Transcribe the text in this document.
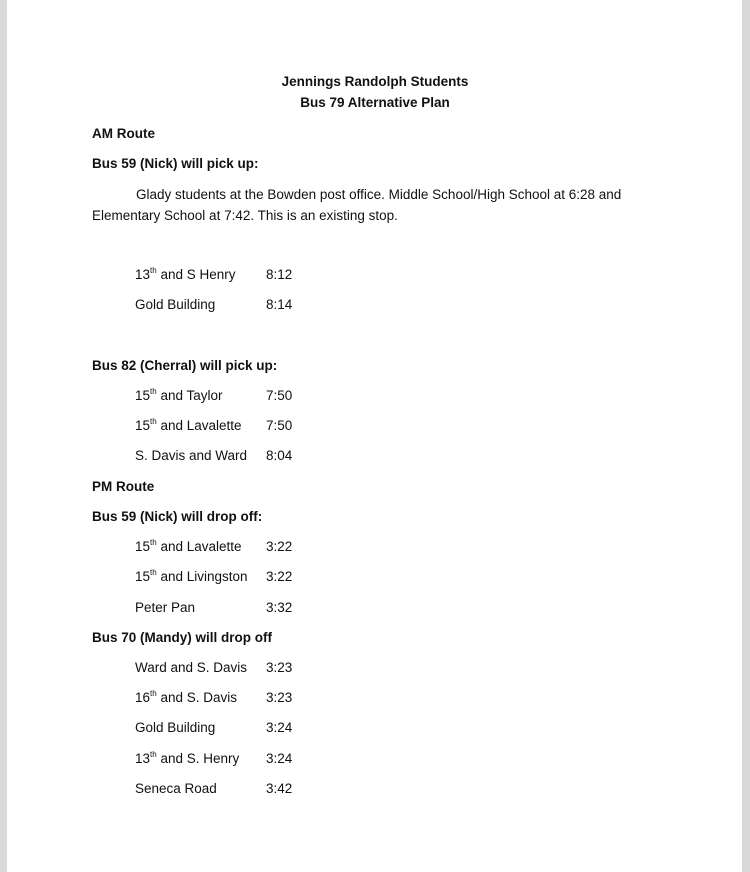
Jennings Randolph Students
Bus 79 Alternative Plan
AM Route
Bus 59 (Nick) will pick up:
Glady students at the Bowden post office. Middle School/High School at 6:28 and Elementary School at 7:42. This is an existing stop.
13th and S Henry 8:12
Gold Building	8:14
15th and Taylor	7:50
15th and Lavalette 7:50
S. Davis and Ward 8:04
15th and Lavalette 3:22
15th and Livingston 3:22
Peter Pan	3:32
Ward and S. Davis 3:23
16th and S. Davis 3:23
Gold Building	3:24
13th and S. Henry 3:24
Seneca Road	3:42
Bus 82 (Cherral) will pick up:
PM Route
Bus 59 (Nick) will drop off:
Bus 70 (Mandy) will drop off
